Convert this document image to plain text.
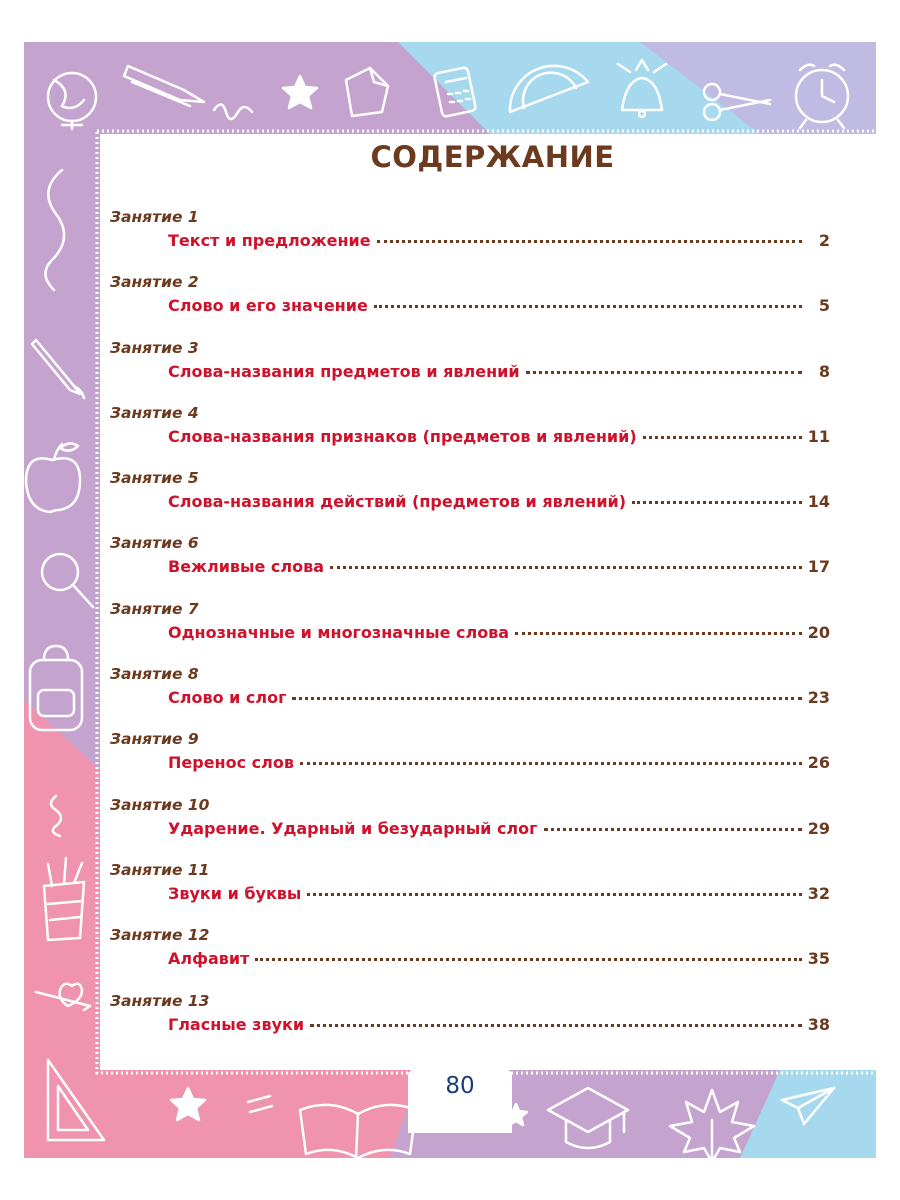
СОДЕРЖАНИЕ
Занятие 1
Текст и предложение	2
Занятие 2
Слово и его значение	5
Занятие 3
Слова-названия предметов и явлений	8
Занятие 4
Слова-названия признаков (предметов и явлений)	11
Занятие 5
Слова-названия действий (предметов и явлений)	14
Занятие 6
Вежливые слова	17
Занятие 7
Однозначные и многозначные слова	20
Занятие 8
Слово и слог	23
Занятие 9
Перенос слов	26
Занятие 10
Ударение. Ударный и безударный слог	29
Занятие 11
Звуки и буквы	32
Занятие 12
Алфавит	35
Занятие 13
Гласные звуки	38
80
